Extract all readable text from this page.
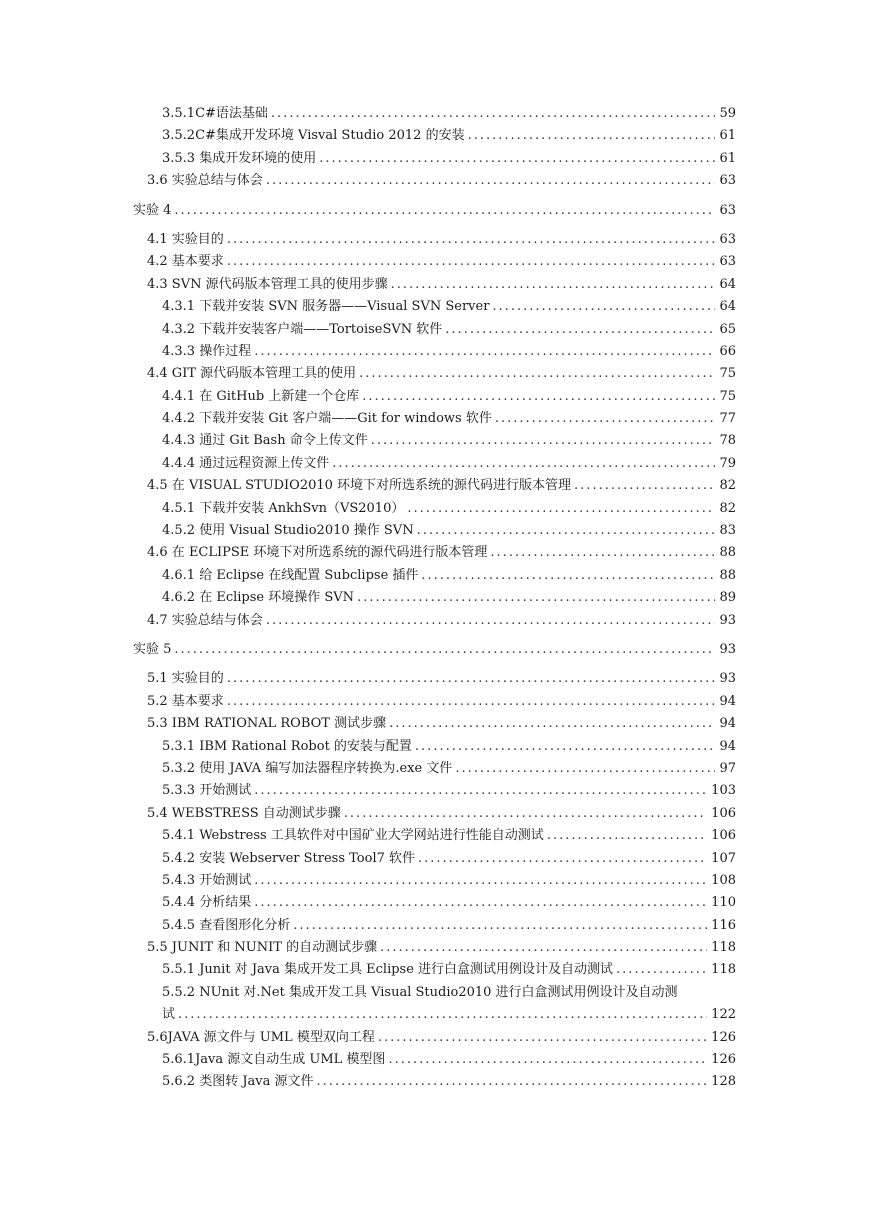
3.5.1C#语法基础 .....	59
3.5.2C#集成开发环境 Visval Studio 2012 的安装 .....	61
3.5.3 集成开发环境的使用 .....	61
3.6 实验总结与体会 .....	63
实验 4 .....	63
4.1 实验目的 .....	63
4.2 基本要求 .....	63
4.3 SVN 源代码版本管理工具的使用步骤 .....	64
4.3.1 下载并安装 SVN 服务器——Visual SVN Server .....	64
4.3.2 下载并安装客户端——TortoiseSVN 软件 .....	65
4.3.3 操作过程 .....	66
4.4 GIT 源代码版本管理工具的使用 .....	75
4.4.1 在 GitHub 上新建一个仓库 .....	75
4.4.2 下载并安装 Git 客户端——Git for windows 软件 .....	77
4.4.3 通过 Git Bash 命令上传文件 .....	78
4.4.4 通过远程资源上传文件 .....	79
4.5 在 VISUAL STUDIO2010 环境下对所选系统的源代码进行版本管理 .....	82
4.5.1 下载并安装 AnkhSvn（VS2010） .....	82
4.5.2 使用 Visual Studio2010 操作 SVN .....	83
4.6 在 ECLIPSE 环境下对所选系统的源代码进行版本管理 .....	88
4.6.1 给 Eclipse 在线配置 Subclipse 插件 .....	88
4.6.2 在 Eclipse 环境操作 SVN .....	89
4.7 实验总结与体会 .....	93
实验 5 .....	93
5.1 实验目的 .....	93
5.2 基本要求 .....	94
5.3 IBM RATIONAL ROBOT 测试步骤 .....	94
5.3.1 IBM Rational Robot 的安装与配置 .....	94
5.3.2 使用 JAVA 编写加法器程序转换为.exe 文件 .....	97
5.3.3 开始测试 .....	103
5.4 WEBSTRESS 自动测试步骤 .....	106
5.4.1 Webstress 工具软件对中国矿业大学网站进行性能自动测试 .....	106
5.4.2 安装 Webserver Stress Tool7 软件 .....	107
5.4.3 开始测试 .....	108
5.4.4 分析结果 .....	110
5.4.5 查看图形化分析 .....	116
5.5 JUNIT 和 NUNIT 的自动测试步骤 .....	118
5.5.1 Junit 对 Java 集成开发工具 Eclipse 进行白盒测试用例设计及自动测试 .....	118
5.5.2 NUnit 对.Net 集成开发工具 Visual Studio2010 进行白盒测试用例设计及自动测
试 .....	122
5.6JAVA 源文件与 UML 模型双向工程 .....	126
5.6.1Java 源文自动生成 UML 模型图 .....	126
5.6.2 类图转 Java 源文件 .....	128
